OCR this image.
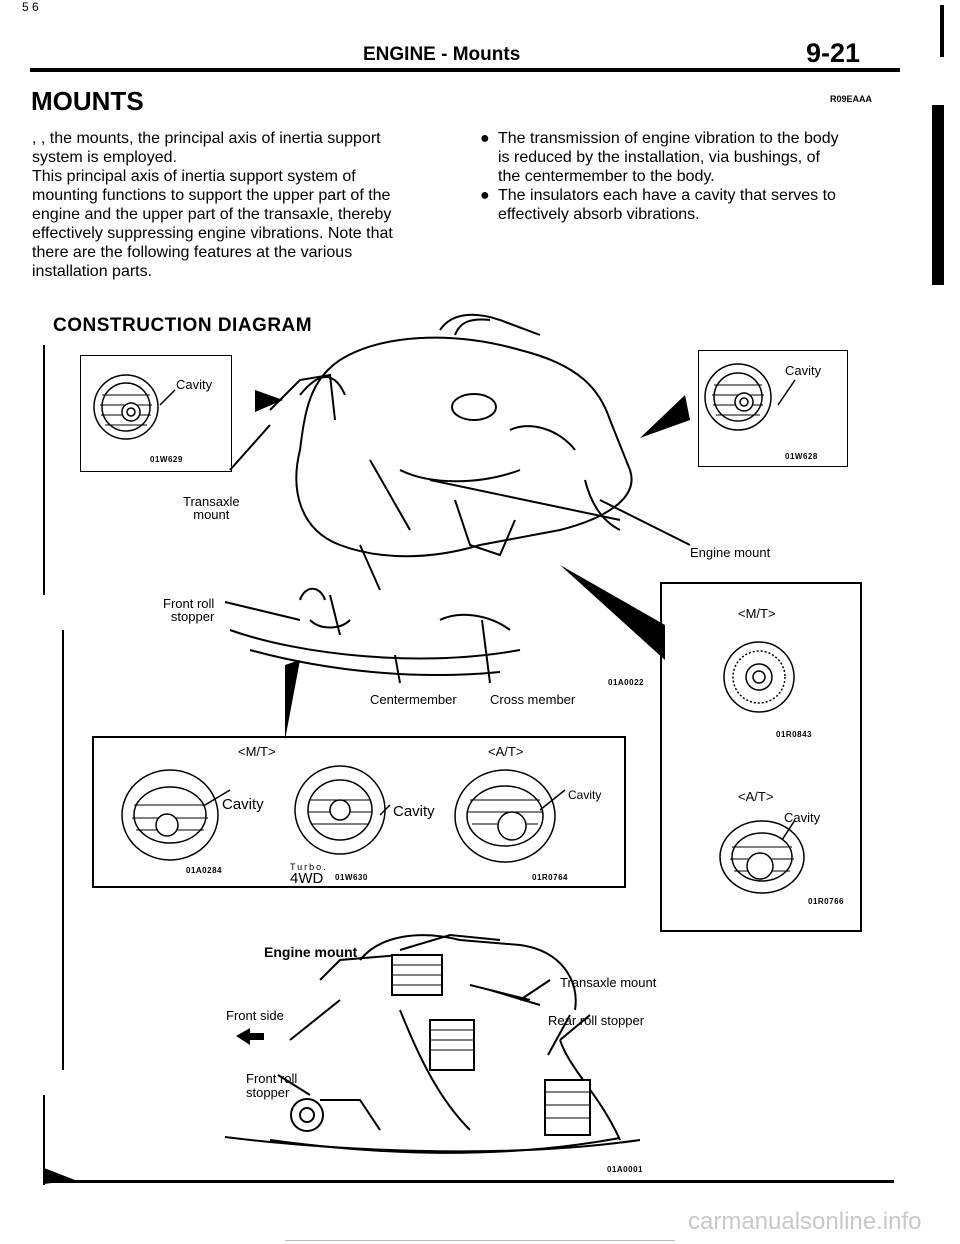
5 6
ENGINE - Mounts	9-21
MOUNTS	R09EAAA
, , the mounts, the principal axis of inertia support
system is employed.
This principal axis of inertia support system of
mounting functions to support the upper part of the
engine and the upper part of the transaxle, thereby
effectively suppressing engine vibrations. Note that
there are the following features at the various
installation parts.
● The transmission of engine vibration to the body
is reduced by the installation, via bushings, of
the centermember to the body.
● The insulators each have a cavity that serves to
effectively absorb vibrations.
CONSTRUCTION DIAGRAM
Cavity
01W629
Cavity
01W628
Transaxle
mount
Engine mount
Front roll
stopper
Centermember	Cross member
01A0022
<M/T>	<A/T>
Cavity
01A0284
Cavity
Turbo.
4WD 01W630
Cavity
01R0764
<M/T>
01R0843
<A/T>
Cavity
01R0766
Engine mount
Transaxle mount
Front side	Rear roll stopper
Front roll
stopper
01A0001
carmanualsonline.info
